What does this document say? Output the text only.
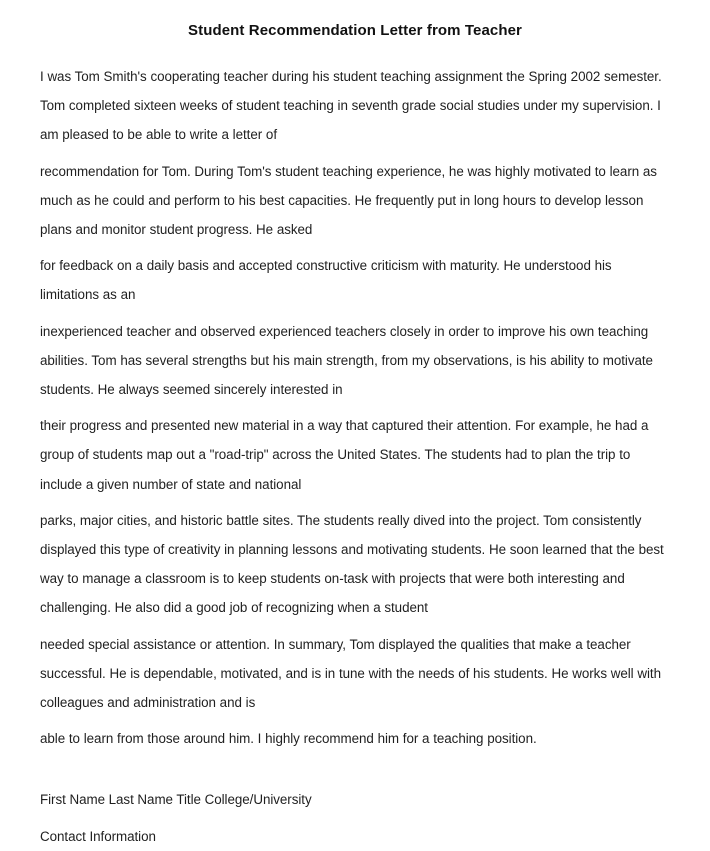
Student Recommendation Letter from Teacher

I was Tom Smith's cooperating teacher during his student teaching assignment the Spring 2002 semester. Tom completed sixteen weeks of student teaching in seventh grade social studies under my supervision. I am pleased to be able to write a letter of

recommendation for Tom. During Tom's student teaching experience, he was highly motivated to learn as much as he could and perform to his best capacities. He frequently put in long hours to develop lesson plans and monitor student progress. He asked

for feedback on a daily basis and accepted constructive criticism with maturity. He understood his limitations as an

inexperienced teacher and observed experienced teachers closely in order to improve his own teaching abilities. Tom has several strengths but his main strength, from my observations, is his ability to motivate students. He always seemed sincerely interested in

their progress and presented new material in a way that captured their attention. For example, he had a group of students map out a "road-trip" across the United States. The students had to plan the trip to include a given number of state and national

parks, major cities, and historic battle sites. The students really dived into the project. Tom consistently displayed this type of creativity in planning lessons and motivating students. He soon learned that the best way to manage a classroom is to keep students on-task with projects that were both interesting and challenging. He also did a good job of recognizing when a student

needed special assistance or attention. In summary, Tom displayed the qualities that make a teacher successful. He is dependable, motivated, and is in tune with the needs of his students. He works well with colleagues and administration and is

able to learn from those around him. I highly recommend him for a teaching position.

First Name Last Name Title College/University

Contact Information
